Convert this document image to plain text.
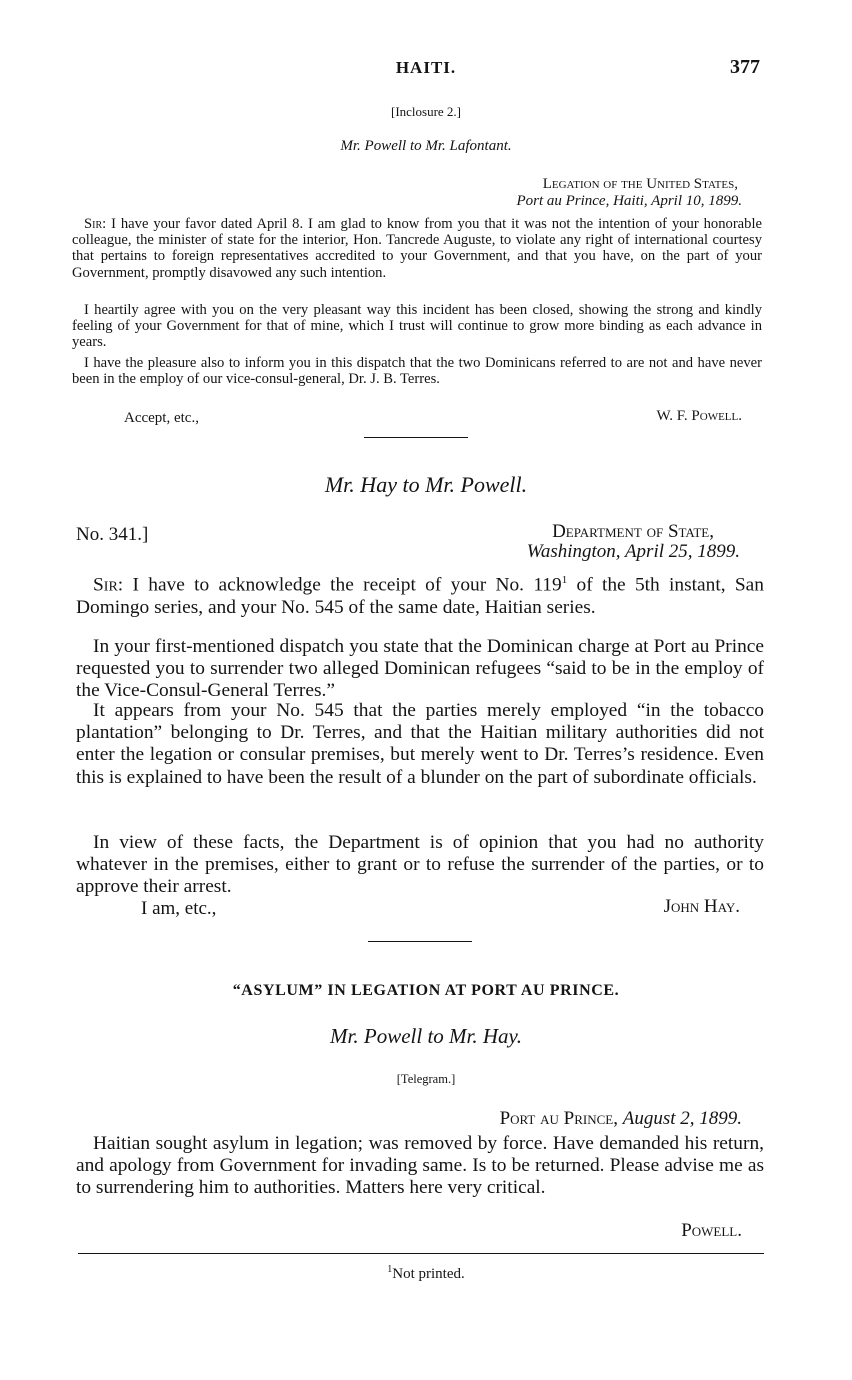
HAITI.	377
[Inclosure 2.]
Mr. Powell to Mr. Lafontant.
Legation of the United States,
Port au Prince, Haiti, April 10, 1899.
Sir: I have your favor dated April 8. I am glad to know from you that it was not the intention of your honorable colleague, the minister of state for the interior, Hon. Tancrede Auguste, to violate any right of international courtesy that pertains to foreign representatives accredited to your Government, and that you have, on the part of your Government, promptly disavowed any such intention.
I heartily agree with you on the very pleasant way this incident has been closed, showing the strong and kindly feeling of your Government for that of mine, which I trust will continue to grow more binding as each advance in years.
I have the pleasure also to inform you in this dispatch that the two Dominicans referred to are not and have never been in the employ of our vice-consul-general, Dr. J. B. Terres.
Accept, etc.,	W. F. Powell.
Mr. Hay to Mr. Powell.
No. 341.]	Department of State,
Washington, April 25, 1899.
Sir: I have to acknowledge the receipt of your No. $119^1$ of the 5th instant, San Domingo series, and your No. 545 of the same date, Haitian series.
In your first-mentioned dispatch you state that the Dominican charge at Port au Prince requested you to surrender two alleged Dominican refugees “said to be in the employ of the Vice-Consul-General Terres.”
It appears from your No. 545 that the parties merely employed “in the tobacco plantation” belonging to Dr. Terres, and that the Haitian military authorities did not enter the legation or consular premises, but merely went to Dr. Terres’s residence. Even this is explained to have been the result of a blunder on the part of subordinate officials.
In view of these facts, the Department is of opinion that you had no authority whatever in the premises, either to grant or to refuse the surrender of the parties, or to approve their arrest.
I am, etc.,	John Hay.
“ASYLUM” IN LEGATION AT PORT AU PRINCE.
Mr. Powell to Mr. Hay.
[Telegram.]
Port au Prince, August 2, 1899.
Haitian sought asylum in legation; was removed by force. Have demanded his return, and apology from Government for invading same. Is to be returned. Please advise me as to surrendering him to authorities. Matters here very critical.
Powell.
$^1$Not printed.
